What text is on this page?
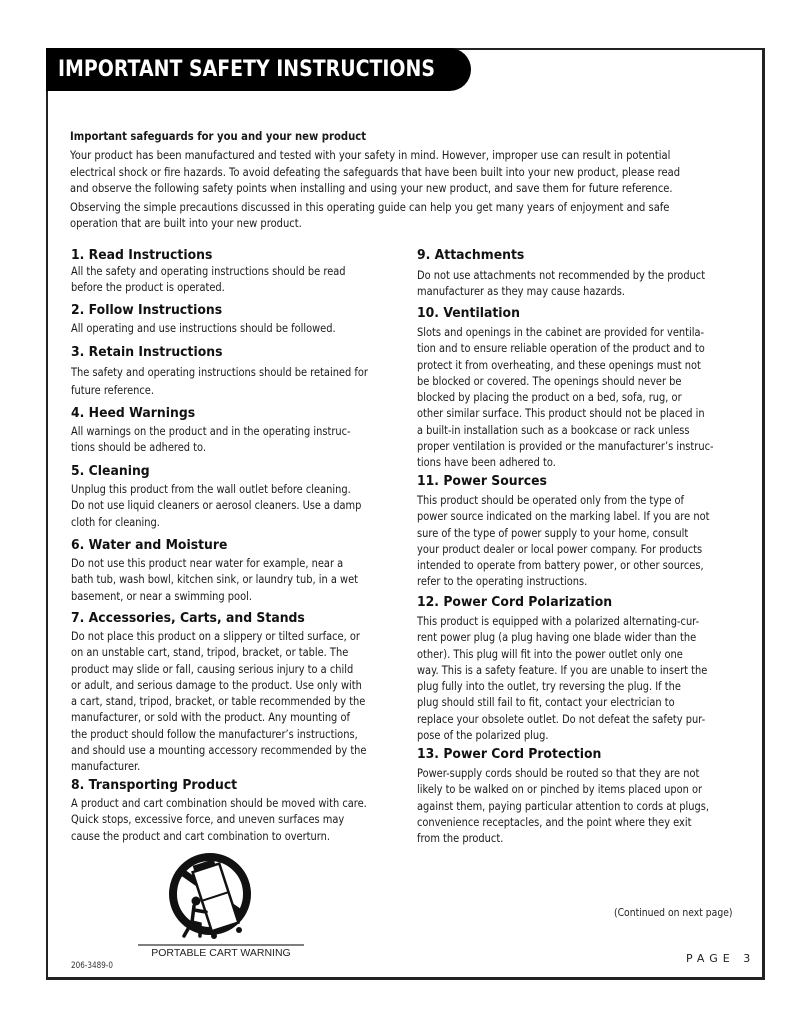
IMPORTANT SAFETY INSTRUCTIONS
Important safeguards for you and your new product

Your product has been manufactured and tested with your safety in mind. However, improper use can result in potential
electrical shock or fire hazards. To avoid defeating the safeguards that have been built into your new product, please read
and observe the following safety points when installing and using your new product, and save them for future reference.

Observing the simple precautions discussed in this operating guide can help you get many years of enjoyment and safe
operation that are built into your new product.

1. Read Instructions

All the safety and operating instructions should be read
before the product is operated.

2. Follow Instructions

All operating and use instructions should be followed.

3. Retain Instructions

The safety and operating instructions should be retained for
future reference.

4. Heed Warnings

All warnings on the product and in the operating instruc-
tions should be adhered to.

5. Cleaning

Unplug this product from the wall outlet before cleaning.
Do not use liquid cleaners or aerosol cleaners. Use a damp
cloth for cleaning.

6. Water and Moisture

Do not use this product near water for example, near a
bath tub, wash bowl, kitchen sink, or laundry tub, in a wet
basement, or near a swimming pool.

7. Accessories, Carts, and Stands

Do not place this product on a slippery or tilted surface, or
on an unstable cart, stand, tripod, bracket, or table. The
product may slide or fall, causing serious injury to a child
or adult, and serious damage to the product. Use only with
a cart, stand, tripod, bracket, or table recommended by the
manufacturer, or sold with the product. Any mounting of
the product should follow the manufacturer’s instructions,
and should use a mounting accessory recommended by the
manufacturer.

8. Transporting Product

A product and cart combination should be moved with care.
Quick stops, excessive force, and uneven surfaces may
cause the product and cart combination to overturn.

9. Attachments

Do not use attachments not recommended by the product
manufacturer as they may cause hazards.

10. Ventilation

Slots and openings in the cabinet are provided for ventila-
tion and to ensure reliable operation of the product and to
protect it from overheating, and these openings must not
be blocked or covered. The openings should never be
blocked by placing the product on a bed, sofa, rug, or
other similar surface. This product should not be placed in
a built-in installation such as a bookcase or rack unless
proper ventilation is provided or the manufacturer’s instruc-
tions have been adhered to.

11. Power Sources

This product should be operated only from the type of
power source indicated on the marking label. If you are not
sure of the type of power supply to your home, consult
your product dealer or local power company. For products
intended to operate from battery power, or other sources,
refer to the operating instructions.

12. Power Cord Polarization

This product is equipped with a polarized alternating-cur-
rent power plug (a plug having one blade wider than the
other). This plug will fit into the power outlet only one
way. This is a safety feature. If you are unable to insert the
plug fully into the outlet, try reversing the plug. If the
plug should still fail to fit, contact your electrician to
replace your obsolete outlet. Do not defeat the safety pur-
pose of the polarized plug.

13. Power Cord Protection

Power-supply cords should be routed so that they are not
likely to be walked on or pinched by items placed upon or
against them, paying particular attention to cords at plugs,
convenience receptacles, and the point where they exit
from the product.

PORTABLE CART WARNING
206-3489-0
(Continued on next page)
PAGE 3
